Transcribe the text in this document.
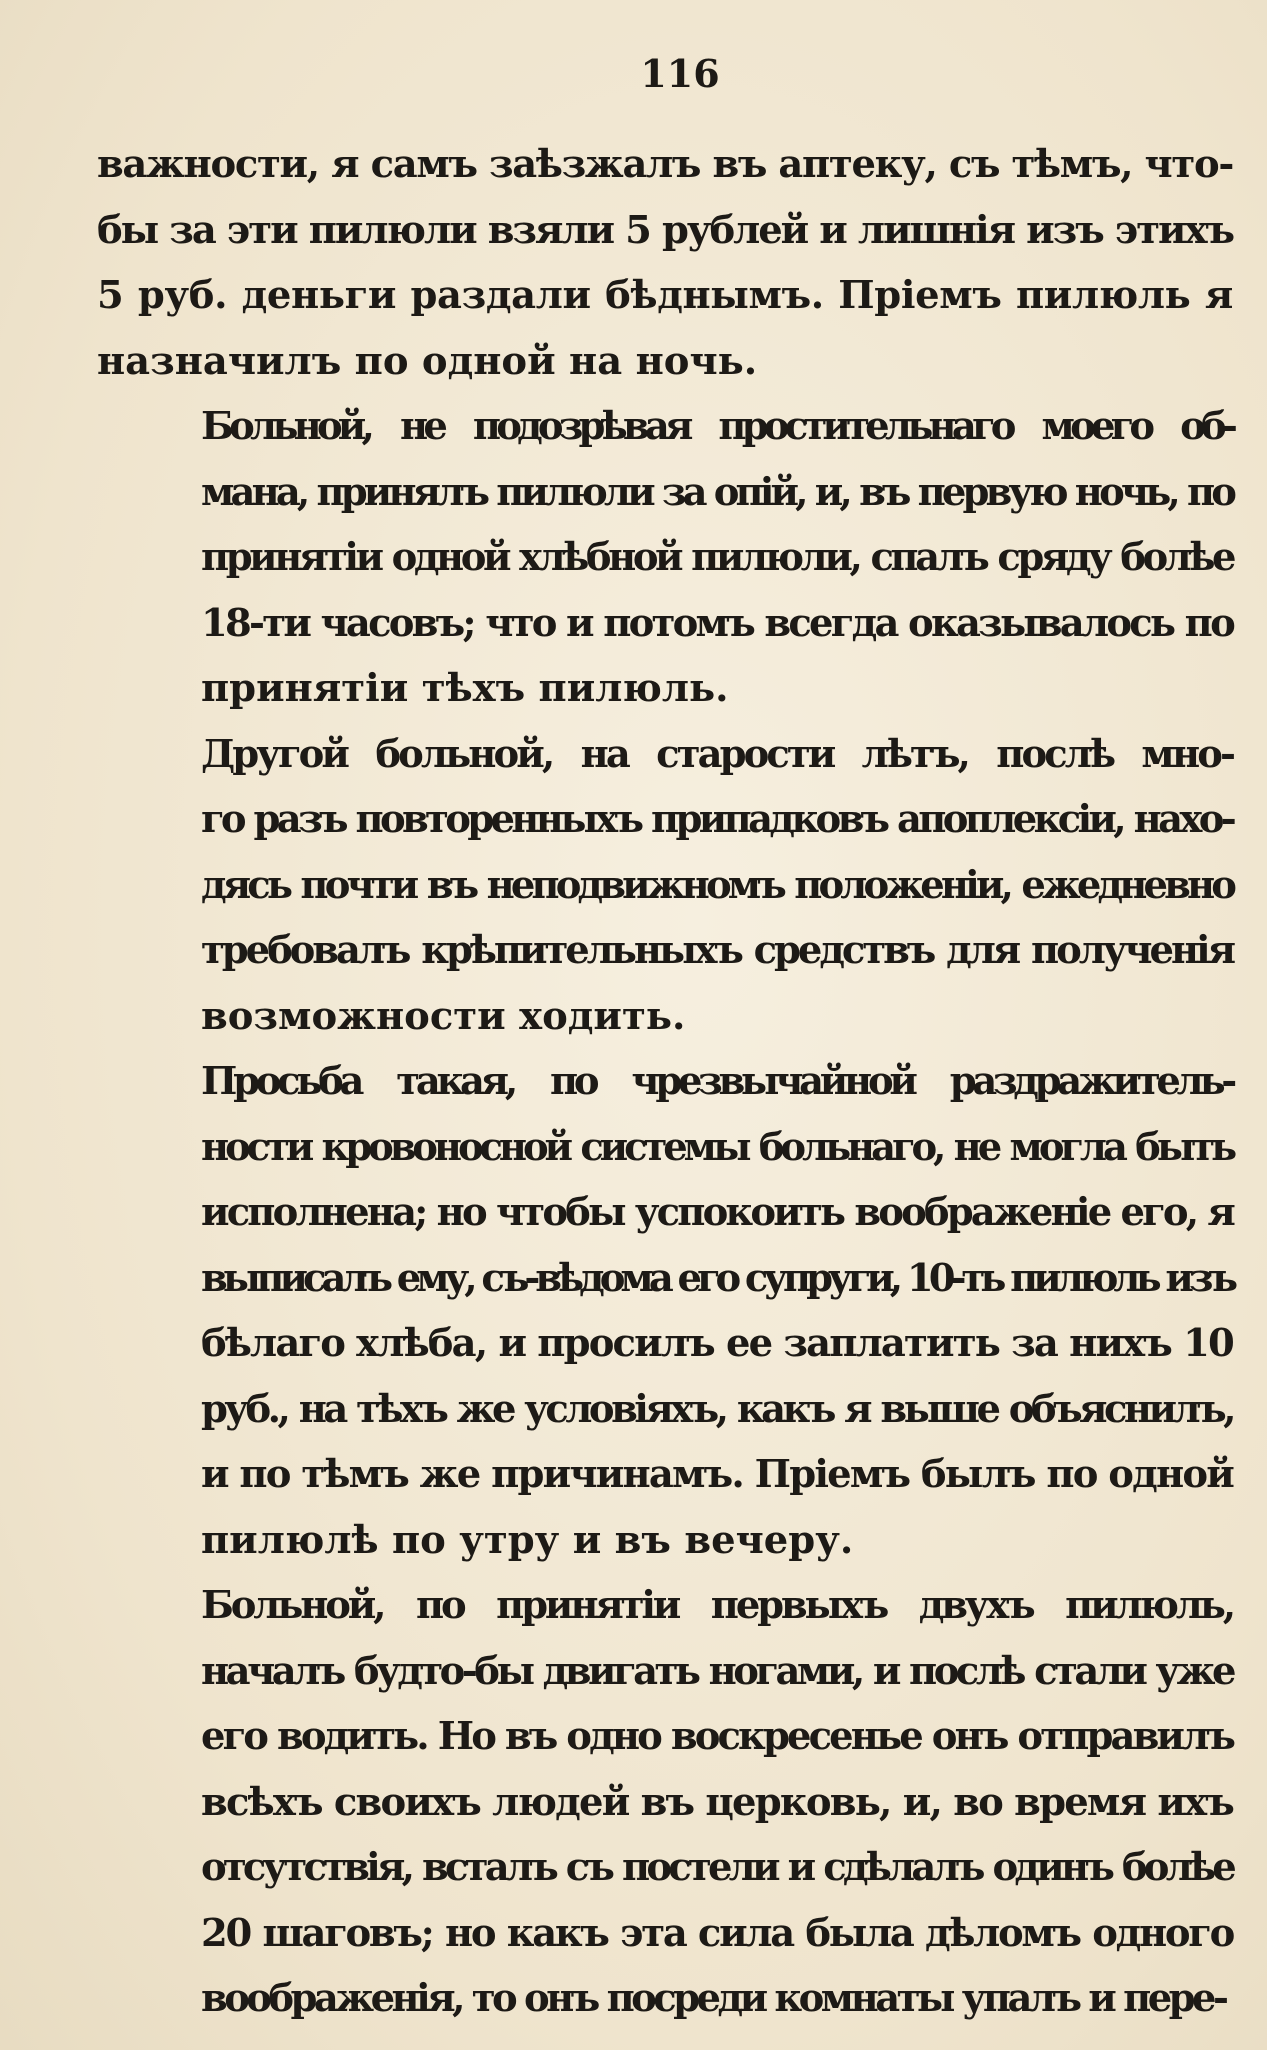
116
важности, я самъ заѣзжалъ въ аптеку, съ тѣмъ, что-
бы за эти пилюли взяли 5 рублей и лишнія изъ этихъ
5 руб. деньги раздали бѣднымъ. Пріемъ пилюль я
назначилъ по одной на ночь.
Больной, не подозрѣвая простительнаго моего об-
мана, принялъ пилюли за опій, и, въ первую ночь, по
принятіи одной хлѣбной пилюли, спалъ сряду болѣе
18-ти часовъ; что и потомъ всегда оказывалось по
принятіи тѣхъ пилюль.
Другой больной, на старости лѣтъ, послѣ мно-
го разъ повторенныхъ припадковъ апоплексіи, нахо-
дясь почти въ неподвижномъ положеніи, ежедневно
требовалъ крѣпительныхъ средствъ для полученія
возможности ходить.
Просьба такая, по чрезвычайной раздражитель-
ности кровоносной системы больнаго, не могла быть
исполнена; но чтобы успокоить воображеніе его, я
выписалъ ему, съ-вѣдома его супруги, 10-ть пилюль изъ
бѣлаго хлѣба, и просилъ ее заплатить за нихъ 10
руб., на тѣхъ же условіяхъ, какъ я выше объяснилъ,
и по тѣмъ же причинамъ. Пріемъ былъ по одной
пилюлѣ по утру и въ вечеру.
Больной, по принятіи первыхъ двухъ пилюль,
началъ будто-бы двигать ногами, и послѣ стали уже
его водить. Но въ одно воскресенье онъ отправилъ
всѣхъ своихъ людей въ церковь, и, во время ихъ
отсутствія, всталъ съ постели и сдѣлалъ одинъ болѣе
20 шаговъ; но какъ эта сила была дѣломъ одного
воображенія, то онъ посреди комнаты упалъ и пере-
